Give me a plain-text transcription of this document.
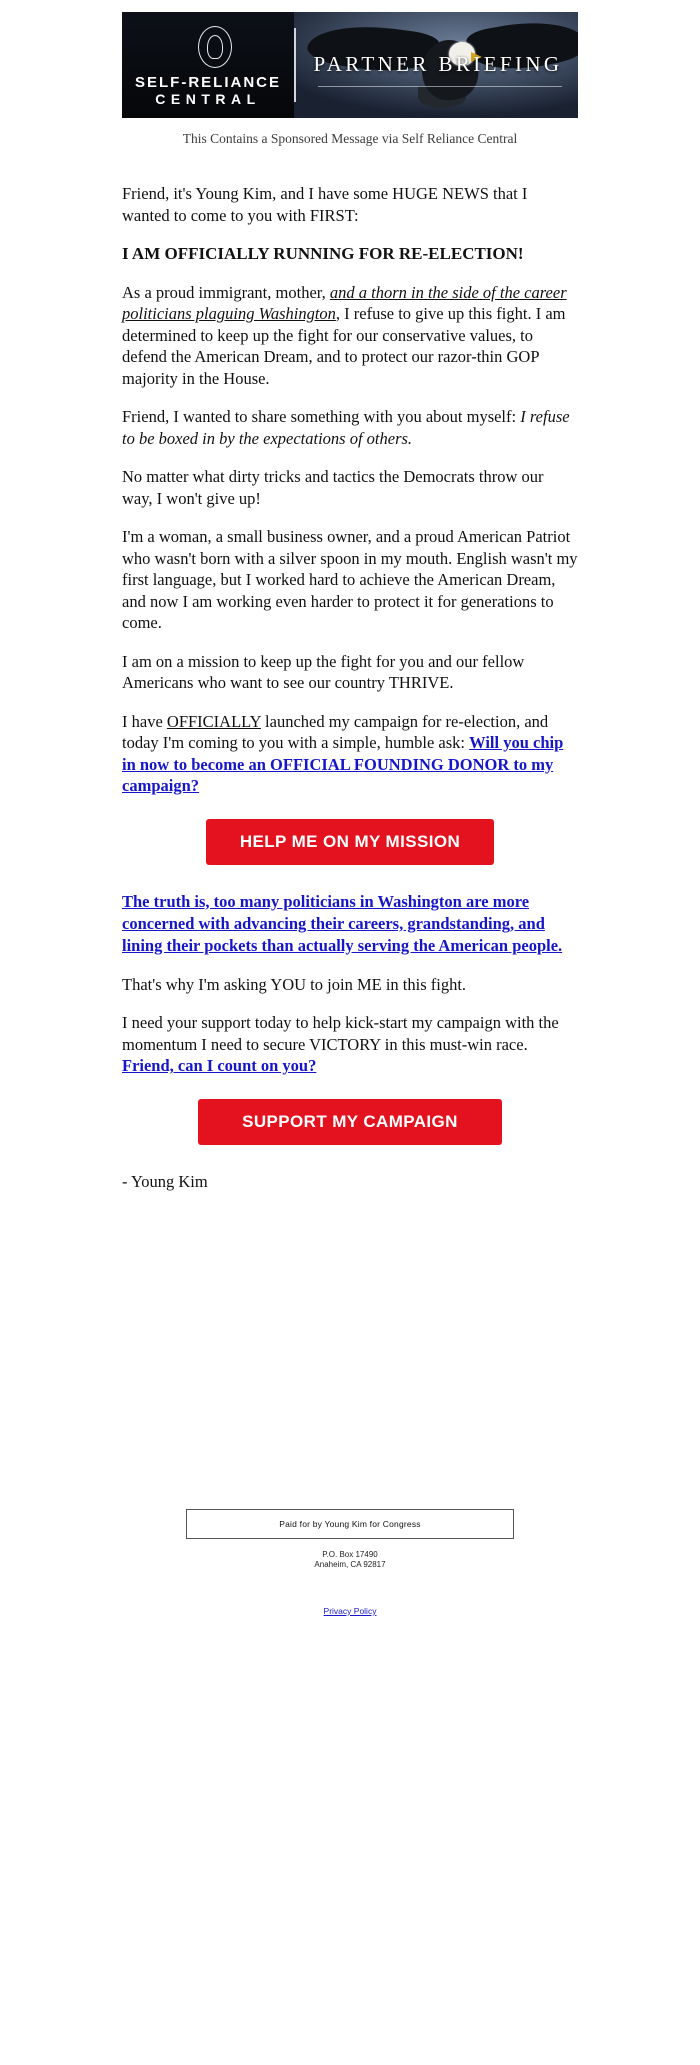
SELF-RELIANCE
CENTRAL
PARTNER BRIEFING
This Contains a Sponsored Message via Self Reliance Central

Friend, it's Young Kim, and I have some HUGE NEWS that I wanted to come to you with FIRST:

I AM OFFICIALLY RUNNING FOR RE-ELECTION!

As a proud immigrant, mother, and a thorn in the side of the career politicians plaguing Washington, I refuse to give up this fight. I am determined to keep up the fight for our conservative values, to defend the American Dream, and to protect our razor-thin GOP majority in the House.

Friend, I wanted to share something with you about myself: I refuse to be boxed in by the expectations of others.

No matter what dirty tricks and tactics the Democrats throw our way, I won't give up!

I'm a woman, a small business owner, and a proud American Patriot who wasn't born with a silver spoon in my mouth. English wasn't my first language, but I worked hard to achieve the American Dream, and now I am working even harder to protect it for generations to come.

I am on a mission to keep up the fight for you and our fellow Americans who want to see our country THRIVE.

I have OFFICIALLY launched my campaign for re-election, and today I'm coming to you with a simple, humble ask: Will you chip in now to become an OFFICIAL FOUNDING DONOR to my campaign?

HELP ME ON MY MISSION

The truth is, too many politicians in Washington are more concerned with advancing their careers, grandstanding, and lining their pockets than actually serving the American people.

That's why I'm asking YOU to join ME in this fight.

I need your support today to help kick-start my campaign with the momentum I need to secure VICTORY in this must-win race. Friend, can I count on you?

SUPPORT MY CAMPAIGN

- Young Kim

Paid for by Young Kim for Congress
P.O. Box 17490
Anaheim, CA 92817
Privacy Policy
